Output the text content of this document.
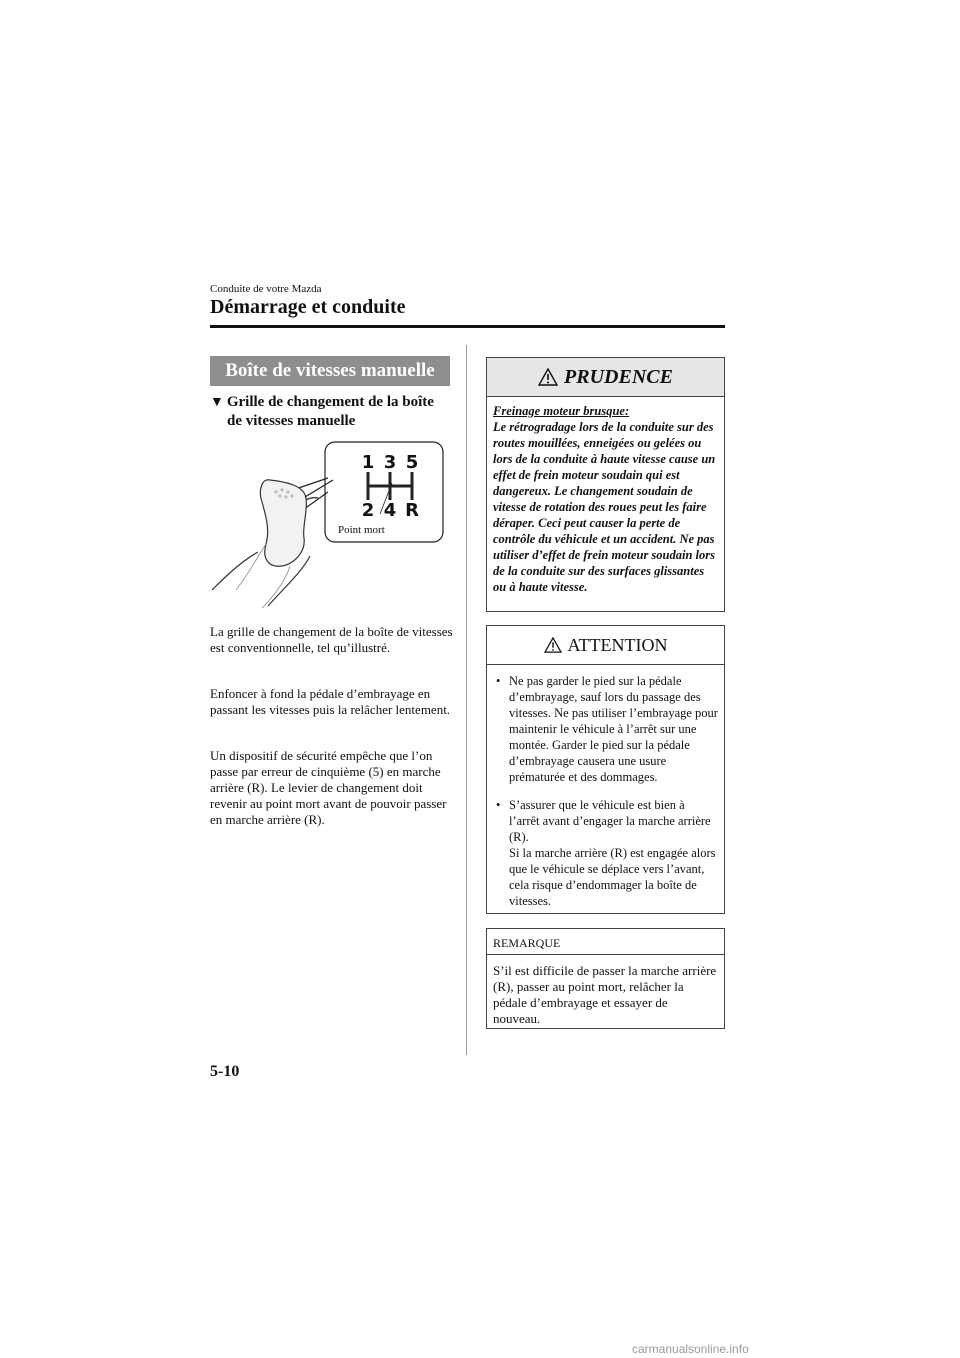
Conduite de votre Mazda
Démarrage et conduite
Boîte de vitesses manuelle
▼ Grille de changement de la boîte
de vitesses manuelle
1 3 5
2 4 R
Point mort

La grille de changement de la boîte de vitesses est conventionnelle, tel qu’illustré.

Enfoncer à fond la pédale d’embrayage en passant les vitesses puis la relâcher lentement.

Un dispositif de sécurité empêche que l’on passe par erreur de cinquième (5) en marche arrière (R). Le levier de changement doit revenir au point mort avant de pouvoir passer en marche arrière (R).

PRUDENCE
Freinage moteur brusque:
Le rétrogradage lors de la conduite sur des routes mouillées, enneigées ou gelées ou lors de la conduite à haute vitesse cause un effet de frein moteur soudain qui est dangereux. Le changement soudain de vitesse de rotation des roues peut les faire déraper. Ceci peut causer la perte de contrôle du véhicule et un accident. Ne pas utiliser d’effet de frein moteur soudain lors de la conduite sur des surfaces glissantes ou à haute vitesse.
ATTENTION
• Ne pas garder le pied sur la pédale d’embrayage, sauf lors du passage des vitesses. Ne pas utiliser l’embrayage pour maintenir le véhicule à l’arrêt sur une montée. Garder le pied sur la pédale d’embrayage causera une usure prématurée et des dommages.
• S’assurer que le véhicule est bien à l’arrêt avant d’engager la marche arrière (R).
Si la marche arrière (R) est engagée alors que le véhicule se déplace vers l’avant, cela risque d’endommager la boîte de vitesses.
REMARQUE
S’il est difficile de passer la marche arrière (R), passer au point mort, relâcher la pédale d’embrayage et essayer de nouveau.
5-10
carmanualsonline.info
